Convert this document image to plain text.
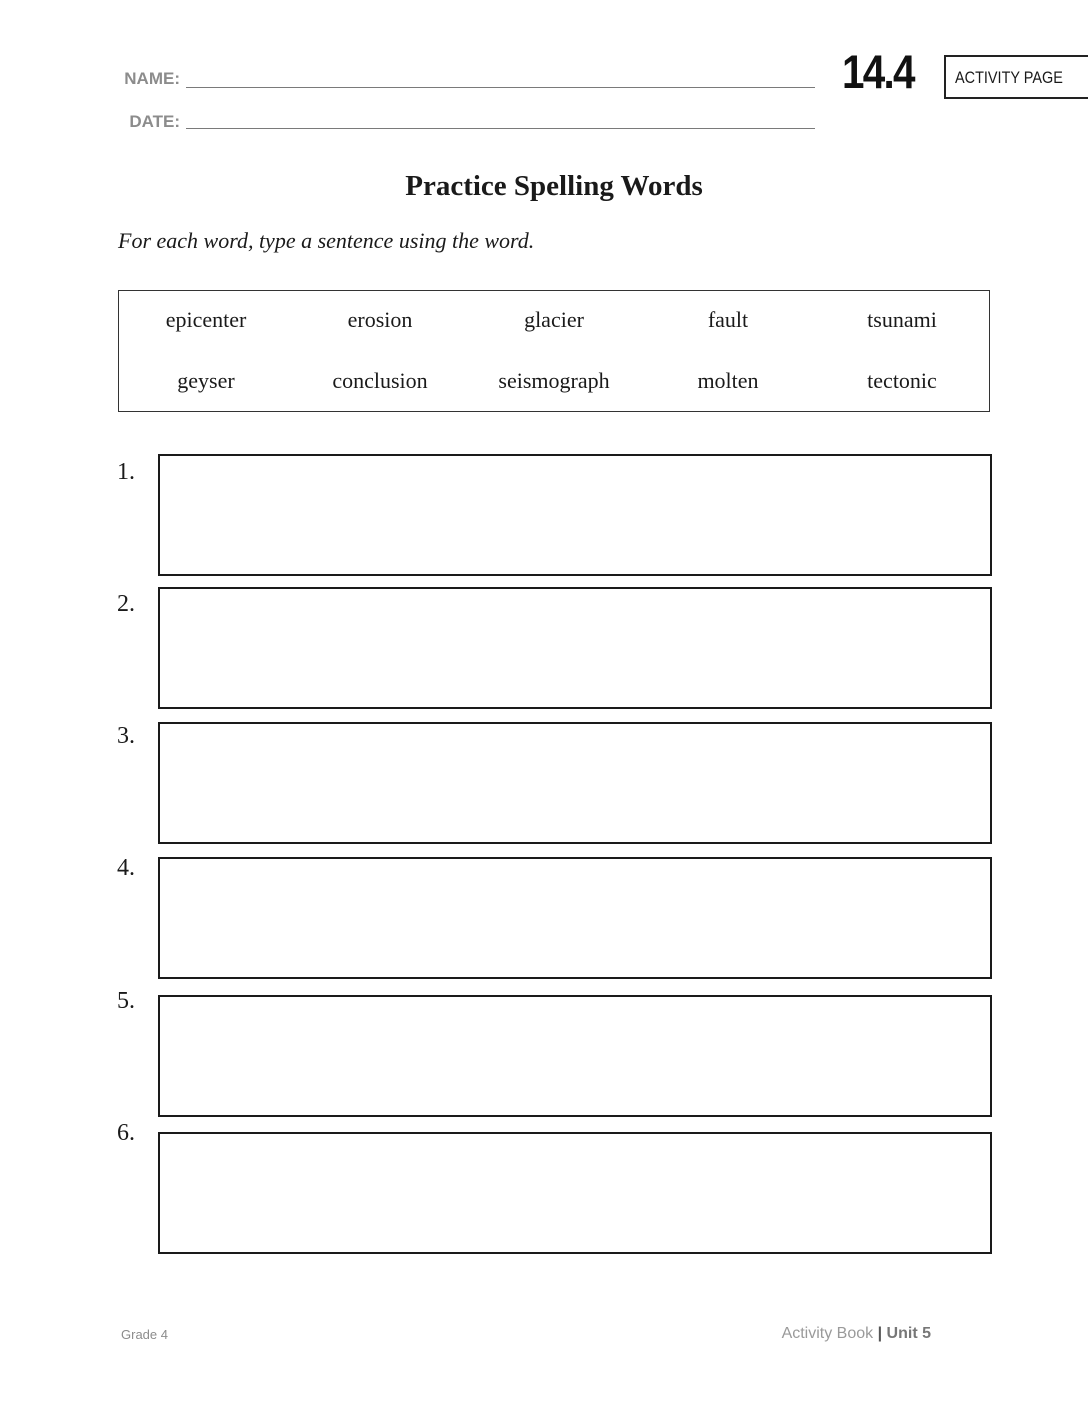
NAME:
DATE:
14.4 ACTIVITY PAGE
Practice Spelling Words
For each word, type a sentence using the word.
epicenter	erosion	glacier	fault	tsunami
geyser	conclusion	seismograph	molten	tectonic
1.
2.
3.
4.
5.
6.
Grade 4	Activity Book | Unit 5
